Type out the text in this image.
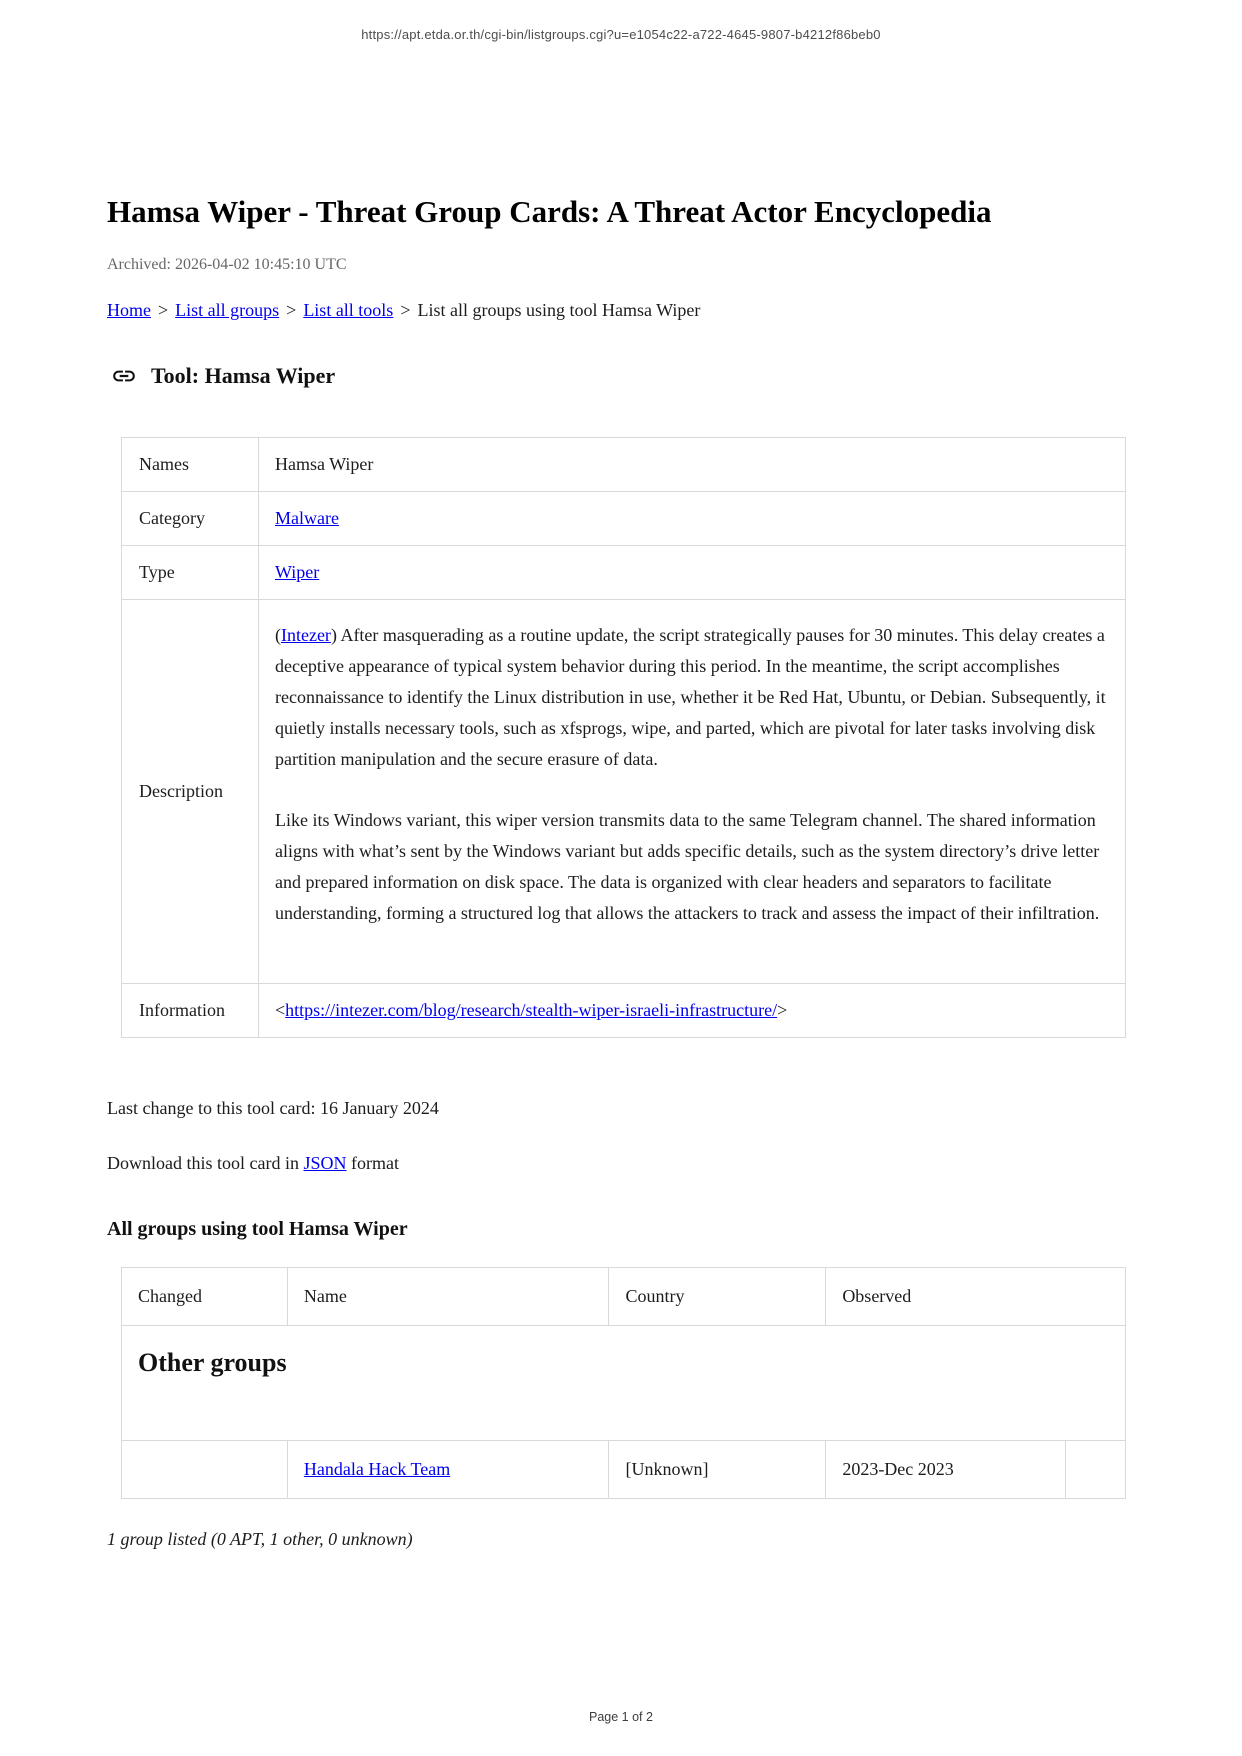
https://apt.etda.or.th/cgi-bin/listgroups.cgi?u=e1054c22-a722-4645-9807-b4212f86beb0
Hamsa Wiper - Threat Group Cards: A Threat Actor Encyclopedia
Archived: 2026-04-02 10:45:10 UTC
Home > List all groups > List all tools > List all groups using tool Hamsa Wiper
Tool: Hamsa Wiper
Names	Hamsa Wiper
Category	Malware
Type	Wiper
Description	(Intezer) After masquerading as a routine update, the script strategically pauses for 30 minutes. This delay creates a deceptive appearance of typical system behavior during this period. In the meantime, the script accomplishes reconnaissance to identify the Linux distribution in use, whether it be Red Hat, Ubuntu, or Debian. Subsequently, it quietly installs necessary tools, such as xfsprogs, wipe, and parted, which are pivotal for later tasks involving disk partition manipulation and the secure erasure of data.

Like its Windows variant, this wiper version transmits data to the same Telegram channel. The shared information aligns with what’s sent by the Windows variant but adds specific details, such as the system directory’s drive letter and prepared information on disk space. The data is organized with clear headers and separators to facilitate understanding, forming a structured log that allows the attackers to track and assess the impact of their infiltration.

Information	<https://intezer.com/blog/research/stealth-wiper-israeli-infrastructure/>

Last change to this tool card: 16 January 2024

Download this tool card in JSON format

All groups using tool Hamsa Wiper
Changed	Name	Country	Observed	
Other groups				
	Handala Hack Team	[Unknown]	2023-Dec 2023	

1 group listed (0 APT, 1 other, 0 unknown)

Page 1 of 2
